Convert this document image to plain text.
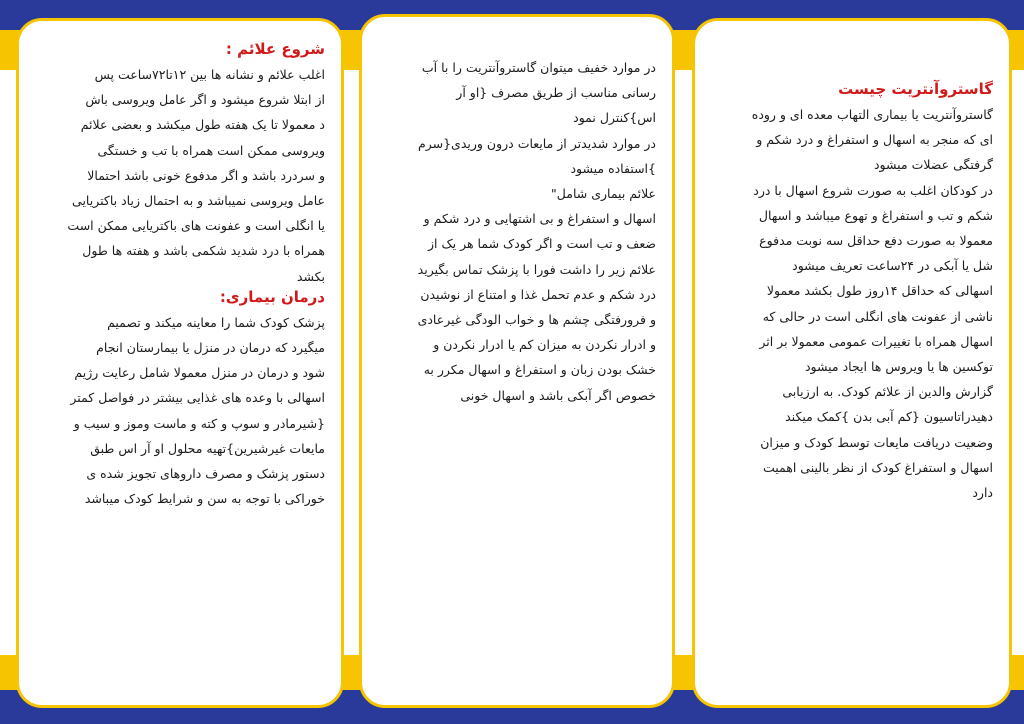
شروع علائم :
اغلب علائم و نشانه ها بین ۱۲تا۷۲ساعت پس
از ابتلا شروع میشود و اگر عامل ویروسی باش
د معمولا تا یک هفته طول میکشد و بعضی علائم
ویروسی ممکن است همراه با تب و خستگی
و سردرد باشد و اگر مدفوع خونی باشد احتمالا
عامل ویروسی نمیباشد و به احتمال زیاد باکتریایی
یا انگلی است و عفونت های باکتریایی ممکن است
همراه با درد شدید شکمی باشد و هفته ها طول
بکشد
درمان بیماری:
پزشک کودک شما را معاینه میکند و تصمیم
میگیرد که درمان در منزل یا بیمارستان انجام
شود و درمان در منزل معمولا شامل رعایت رژیم
اسهالی با وعده های غذایی بیشتر در فواصل کمتر
{شیرمادر و سوپ و کته و ماست وموز و سیب و
مایعات غیرشیرین}تهیه محلول او آر اس طبق
دستور پزشک و مصرف داروهای تجویز شده ی
خوراکی با توجه به سن و شرایط کودک میباشد
در موارد خفیف میتوان گاستروآنتریت را با آب
رسانی مناسب از طریق مصرف {او آر
اس}کنترل نمود
در موارد شدیدتر از مایعات درون وریدی{سرم
}استفاده میشود
علائم بیماری شامل"
اسهال و استفراغ و بی اشتهایی و درد شکم و
ضعف و تب است و اگر کودک شما هر یک از
علائم زیر را داشت فورا با پزشک تماس بگیرید
درد شکم و عدم تحمل غذا و امتناع از نوشیدن
و فرورفتگی چشم ها و خواب الودگی غیرعادی
و ادرار نکردن به میزان کم یا ادرار نکردن و
خشک بودن زبان و استفراغ و اسهال مکرر به
خصوص اگر آبکی باشد و اسهال خونی
گاستروآنتریت چیست
گاستروآنتریت یا بیماری التهاب معده ای و روده
ای که منجر به اسهال و استفراغ و درد شکم و
گرفتگی عضلات میشود
در کودکان اغلب به صورت شروع اسهال با درد
شکم و تب و استفراغ و تهوع میباشد و اسهال
معمولا به صورت دفع حداقل سه نوبت مدفوع
شل یا آبکی در ۲۴ساعت تعریف میشود
اسهالی که حداقل ۱۴روز طول بکشد معمولا
ناشی از عفونت های انگلی است در حالی که
اسهال همراه با تغییرات عمومی معمولا بر اثر
توکسین ها یا ویروس ها ایجاد میشود
گزارش والدین از علائم کودک. به ارزیابی
دهیدراتاسیون {کم آبی بدن }کمک میکند
وضعیت دریافت مایعات توسط کودک و میزان
اسهال و استفراغ کودک از نظر بالینی اهمیت
دارد
